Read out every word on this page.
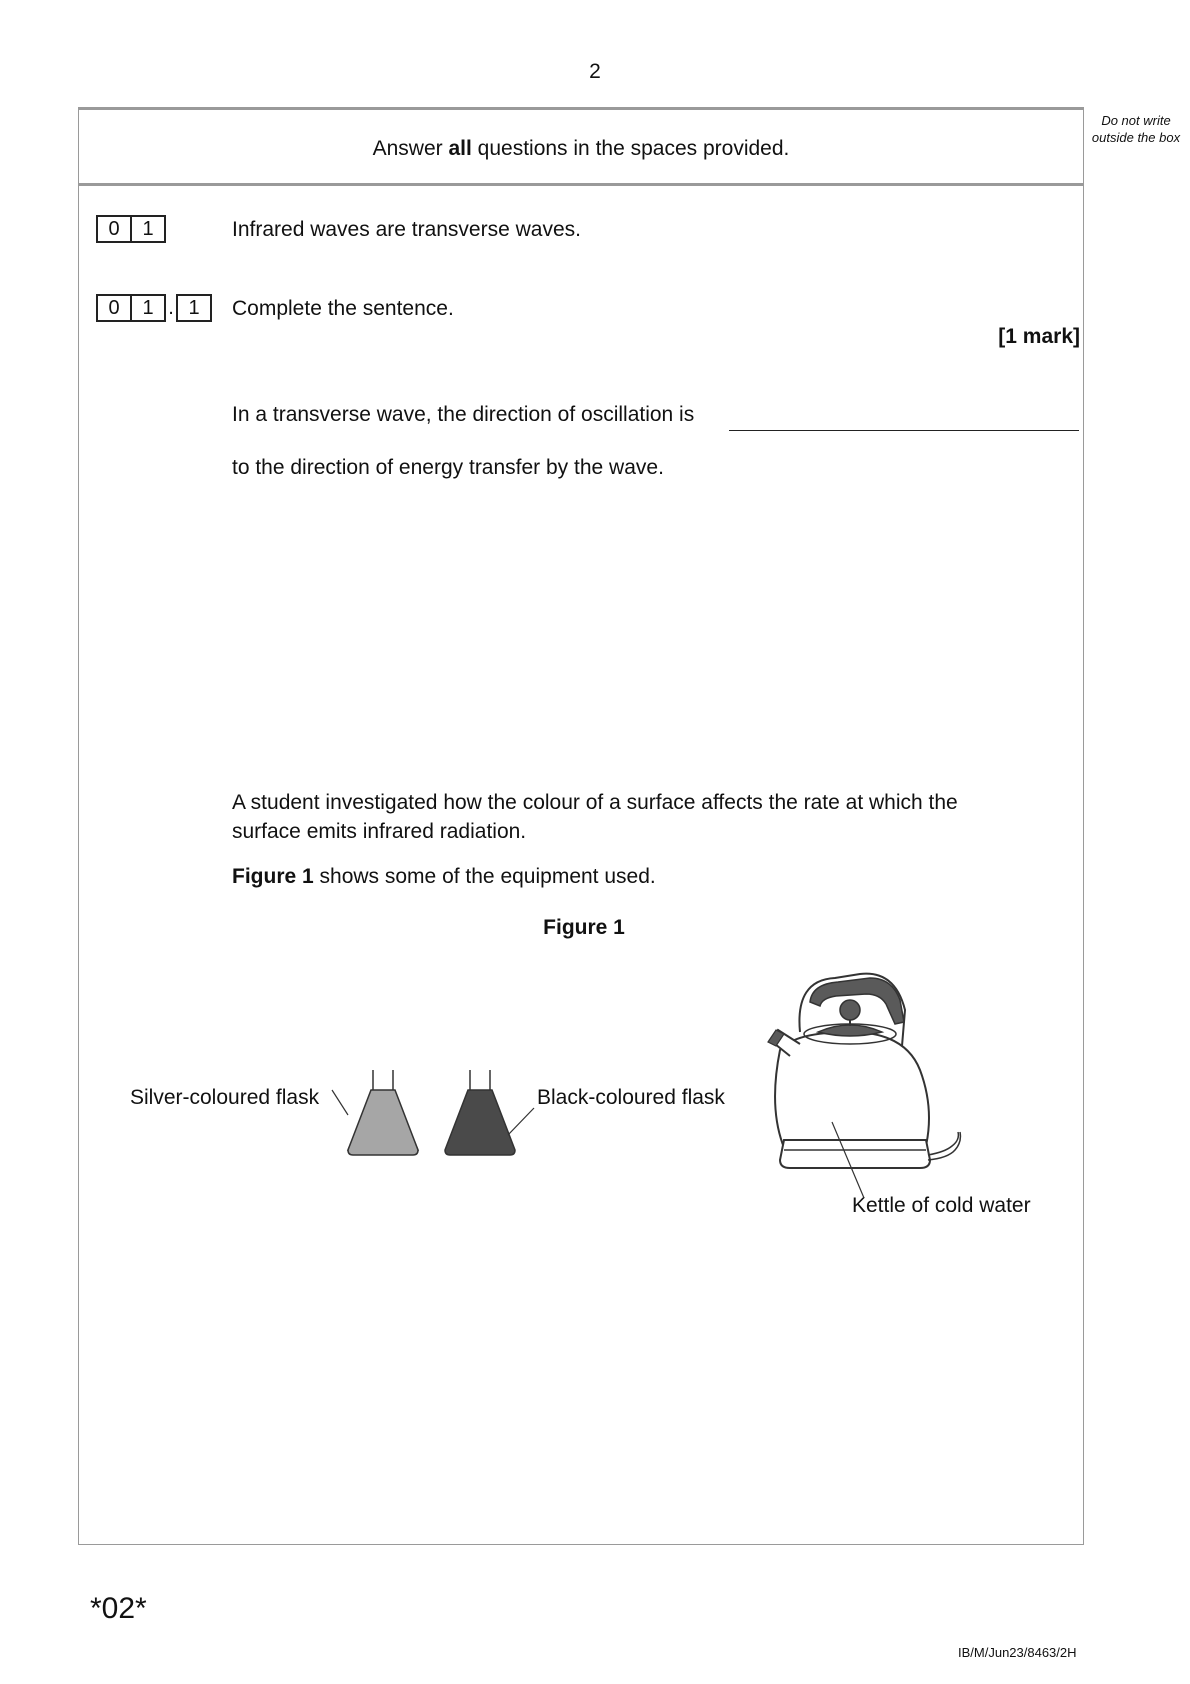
2
Do not write outside the box
Answer all questions in the spaces provided.
0 1	Infrared waves are transverse waves.
0 1 . 1	Complete the sentence.
[1 mark]
In a transverse wave, the direction of oscillation is
to the direction of energy transfer by the wave.
A student investigated how the colour of a surface affects the rate at which the surface emits infrared radiation.
Figure 1 shows some of the equipment used.
Figure 1
Silver-coloured flask	Black-coloured flask
Kettle of cold water
*02*
IB/M/Jun23/8463/2H
